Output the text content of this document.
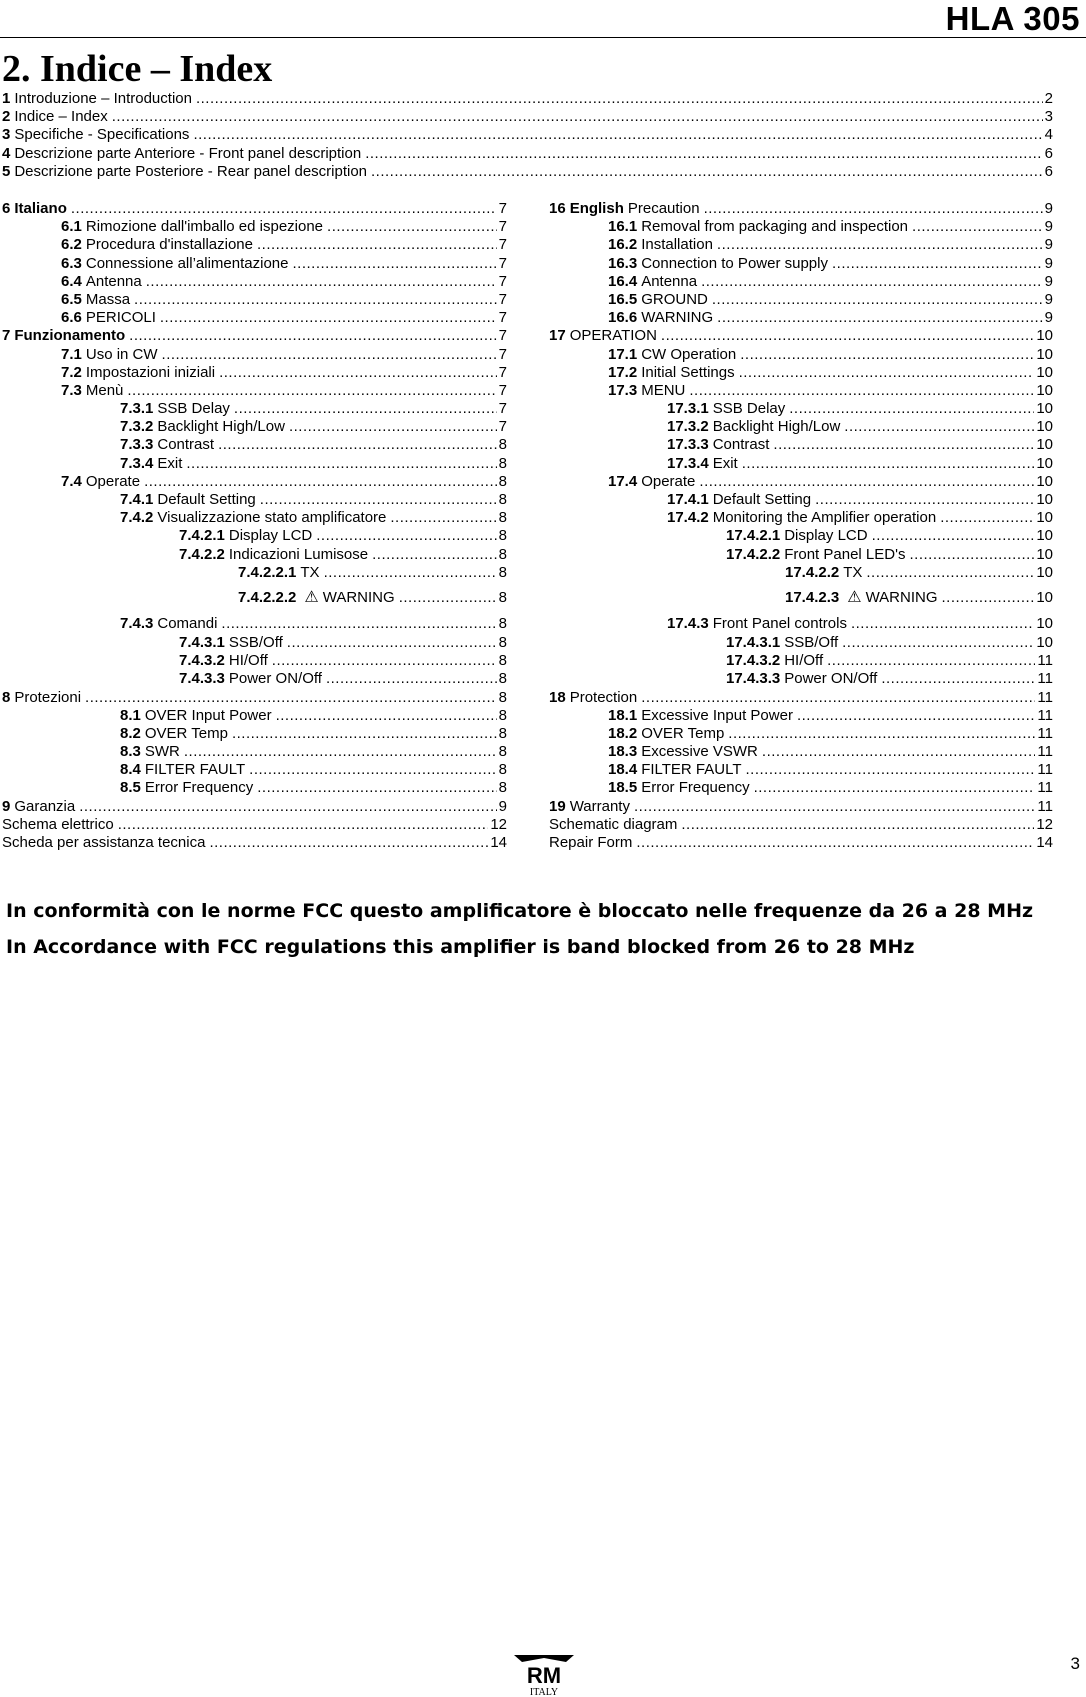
HLA 305
2. Indice – Index
1 Introduzione – Introduction .....	2
2 Indice – Index .....	3
3 Specifiche - Specifications .....	4
4 Descrizione parte Anteriore - Front panel description .....	6
5 Descrizione parte Posteriore - Rear panel description .....	6
6 Italiano .....	7
6.1 Rimozione dall'imballo ed ispezione .....	7
6.2 Procedura d'installazione .....	7
6.3 Connessione all’alimentazione .....	7
6.4 Antenna .....	7
6.5 Massa .....	7
6.6 PERICOLI .....	7
7 Funzionamento .....	7
7.1 Uso in CW .....	7
7.2 Impostazioni iniziali .....	7
7.3 Menù .....	7
7.3.1 SSB Delay .....	7
7.3.2 Backlight High/Low .....	7
7.3.3 Contrast .....	8
7.3.4 Exit .....	8
7.4 Operate .....	8
7.4.1 Default Setting .....	8
7.4.2 Visualizzazione stato amplificatore .....	8
7.4.2.1 Display LCD .....	8
7.4.2.2 Indicazioni Lumisose .....	8
7.4.2.2.1 TX .....	8
7.4.2.2.2 ⚠ WARNING .....	8
7.4.3 Comandi .....	8
7.4.3.1 SSB/Off .....	8
7.4.3.2 HI/Off .....	8
7.4.3.3 Power ON/Off .....	8
8 Protezioni .....	8
8.1 OVER Input Power .....	8
8.2 OVER Temp .....	8
8.3 SWR .....	8
8.4 FILTER FAULT .....	8
8.5 Error Frequency .....	8
9 Garanzia .....	9
Schema elettrico .....	12
Scheda per assistanza tecnica .....	14
16 English Precaution .....	9
16.1 Removal from packaging and inspection .....	9
16.2 Installation .....	9
16.3 Connection to Power supply .....	9
16.4 Antenna .....	9
16.5 GROUND .....	9
16.6 WARNING .....	9
17 OPERATION .....	10
17.1 CW Operation .....	10
17.2 Initial Settings .....	10
17.3 MENU .....	10
17.3.1 SSB Delay .....	10
17.3.2 Backlight High/Low .....	10
17.3.3 Contrast .....	10
17.3.4 Exit .....	10
17.4 Operate .....	10
17.4.1 Default Setting .....	10
17.4.2 Monitoring the Amplifier operation .....	10
17.4.2.1 Display LCD .....	10
17.4.2.2 Front Panel LED's .....	10
17.4.2.2 TX .....	10
17.4.2.3 ⚠ WARNING .....	10
17.4.3 Front Panel controls .....	10
17.4.3.1 SSB/Off .....	10
17.4.3.2 HI/Off .....	11
17.4.3.3 Power ON/Off .....	11
18 Protection .....	11
18.1 Excessive Input Power .....	11
18.2 OVER Temp .....	11
18.3 Excessive VSWR .....	11
18.4 FILTER FAULT .....	11
18.5 Error Frequency .....	11
19 Warranty .....	11
Schematic diagram .....	12
Repair Form .....	14
In conformità con le norme FCC questo amplificatore è bloccato nelle frequenze da 26 a 28 MHz
In Accordance with FCC regulations this amplifier is band blocked from 26 to 28 MHz
RM
ITALY
3
